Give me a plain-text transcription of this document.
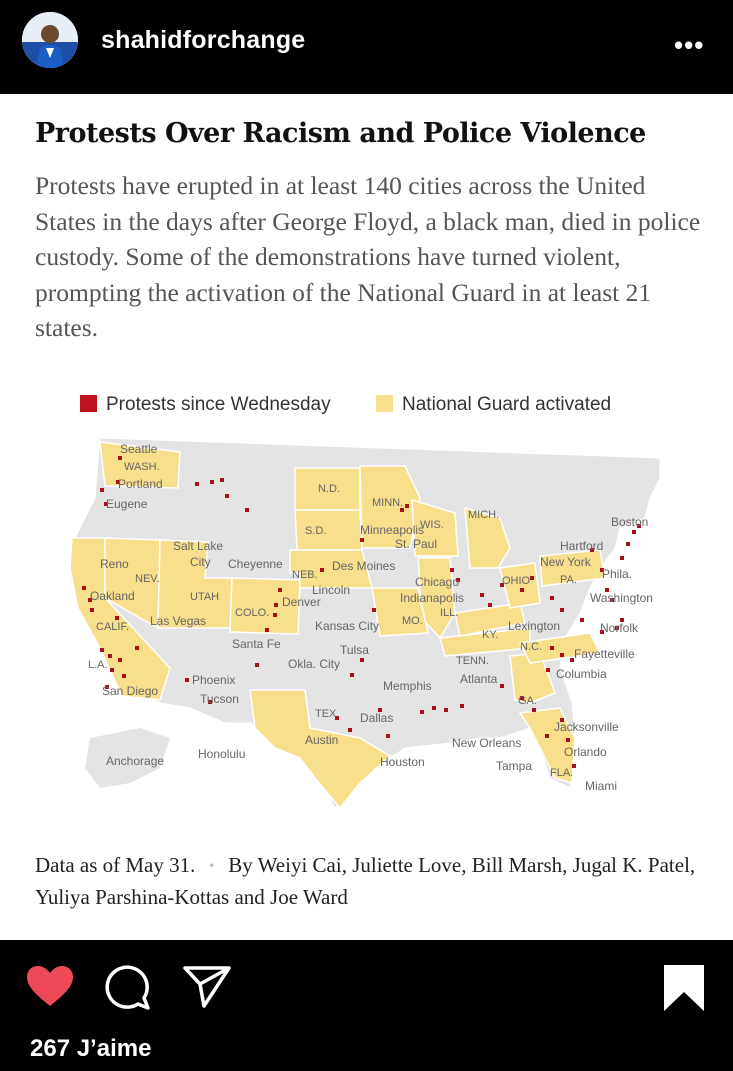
shahidforchange	•••
Protests Over Racism and Police Violence
Protests have erupted in at least 140 cities across the United States in the days after George Floyd, a black man, died in police custody. Some of the demonstrations have turned violent, prompting the activation of the National Guard in at least 21 states.
Protests since Wednesday	National Guard activated
Seattle
WASH.
Portland
Eugene
Reno
NEV.
Oakland
CALIF.
L.A.
San Diego
Las Vegas
UTAH
Salt Lake
City Cheyenne
COLO.
Denver
Santa Fe
Phoenix
Tucson
Anchorage	Honolulu
N.D.
S.D.
MINN.
Minneapolis
St. Paul
WIS.
MICH.
NEB.
Lincoln
Des Moines
Chicago
Indianapolis
ILL.
MO.
Kansas City
Tulsa
Okla. City
Memphis
TEX. Dallas
Austin
Houston
New Orleans
Atlanta
GA.
TENN.
KY.
Lexington
OHIO	PA.
New York
Hartford
Boston
Phila.
Washington
Norfolk
N.C.	Fayetteville
Columbia
Jacksonville
Orlando
Tampa FLA.
Miami
Data as of May 31. • By Weiyi Cai, Juliette Love, Bill Marsh, Jugal K. Patel, Yuliya Parshina-Kottas and Joe Ward
267 J’aime
